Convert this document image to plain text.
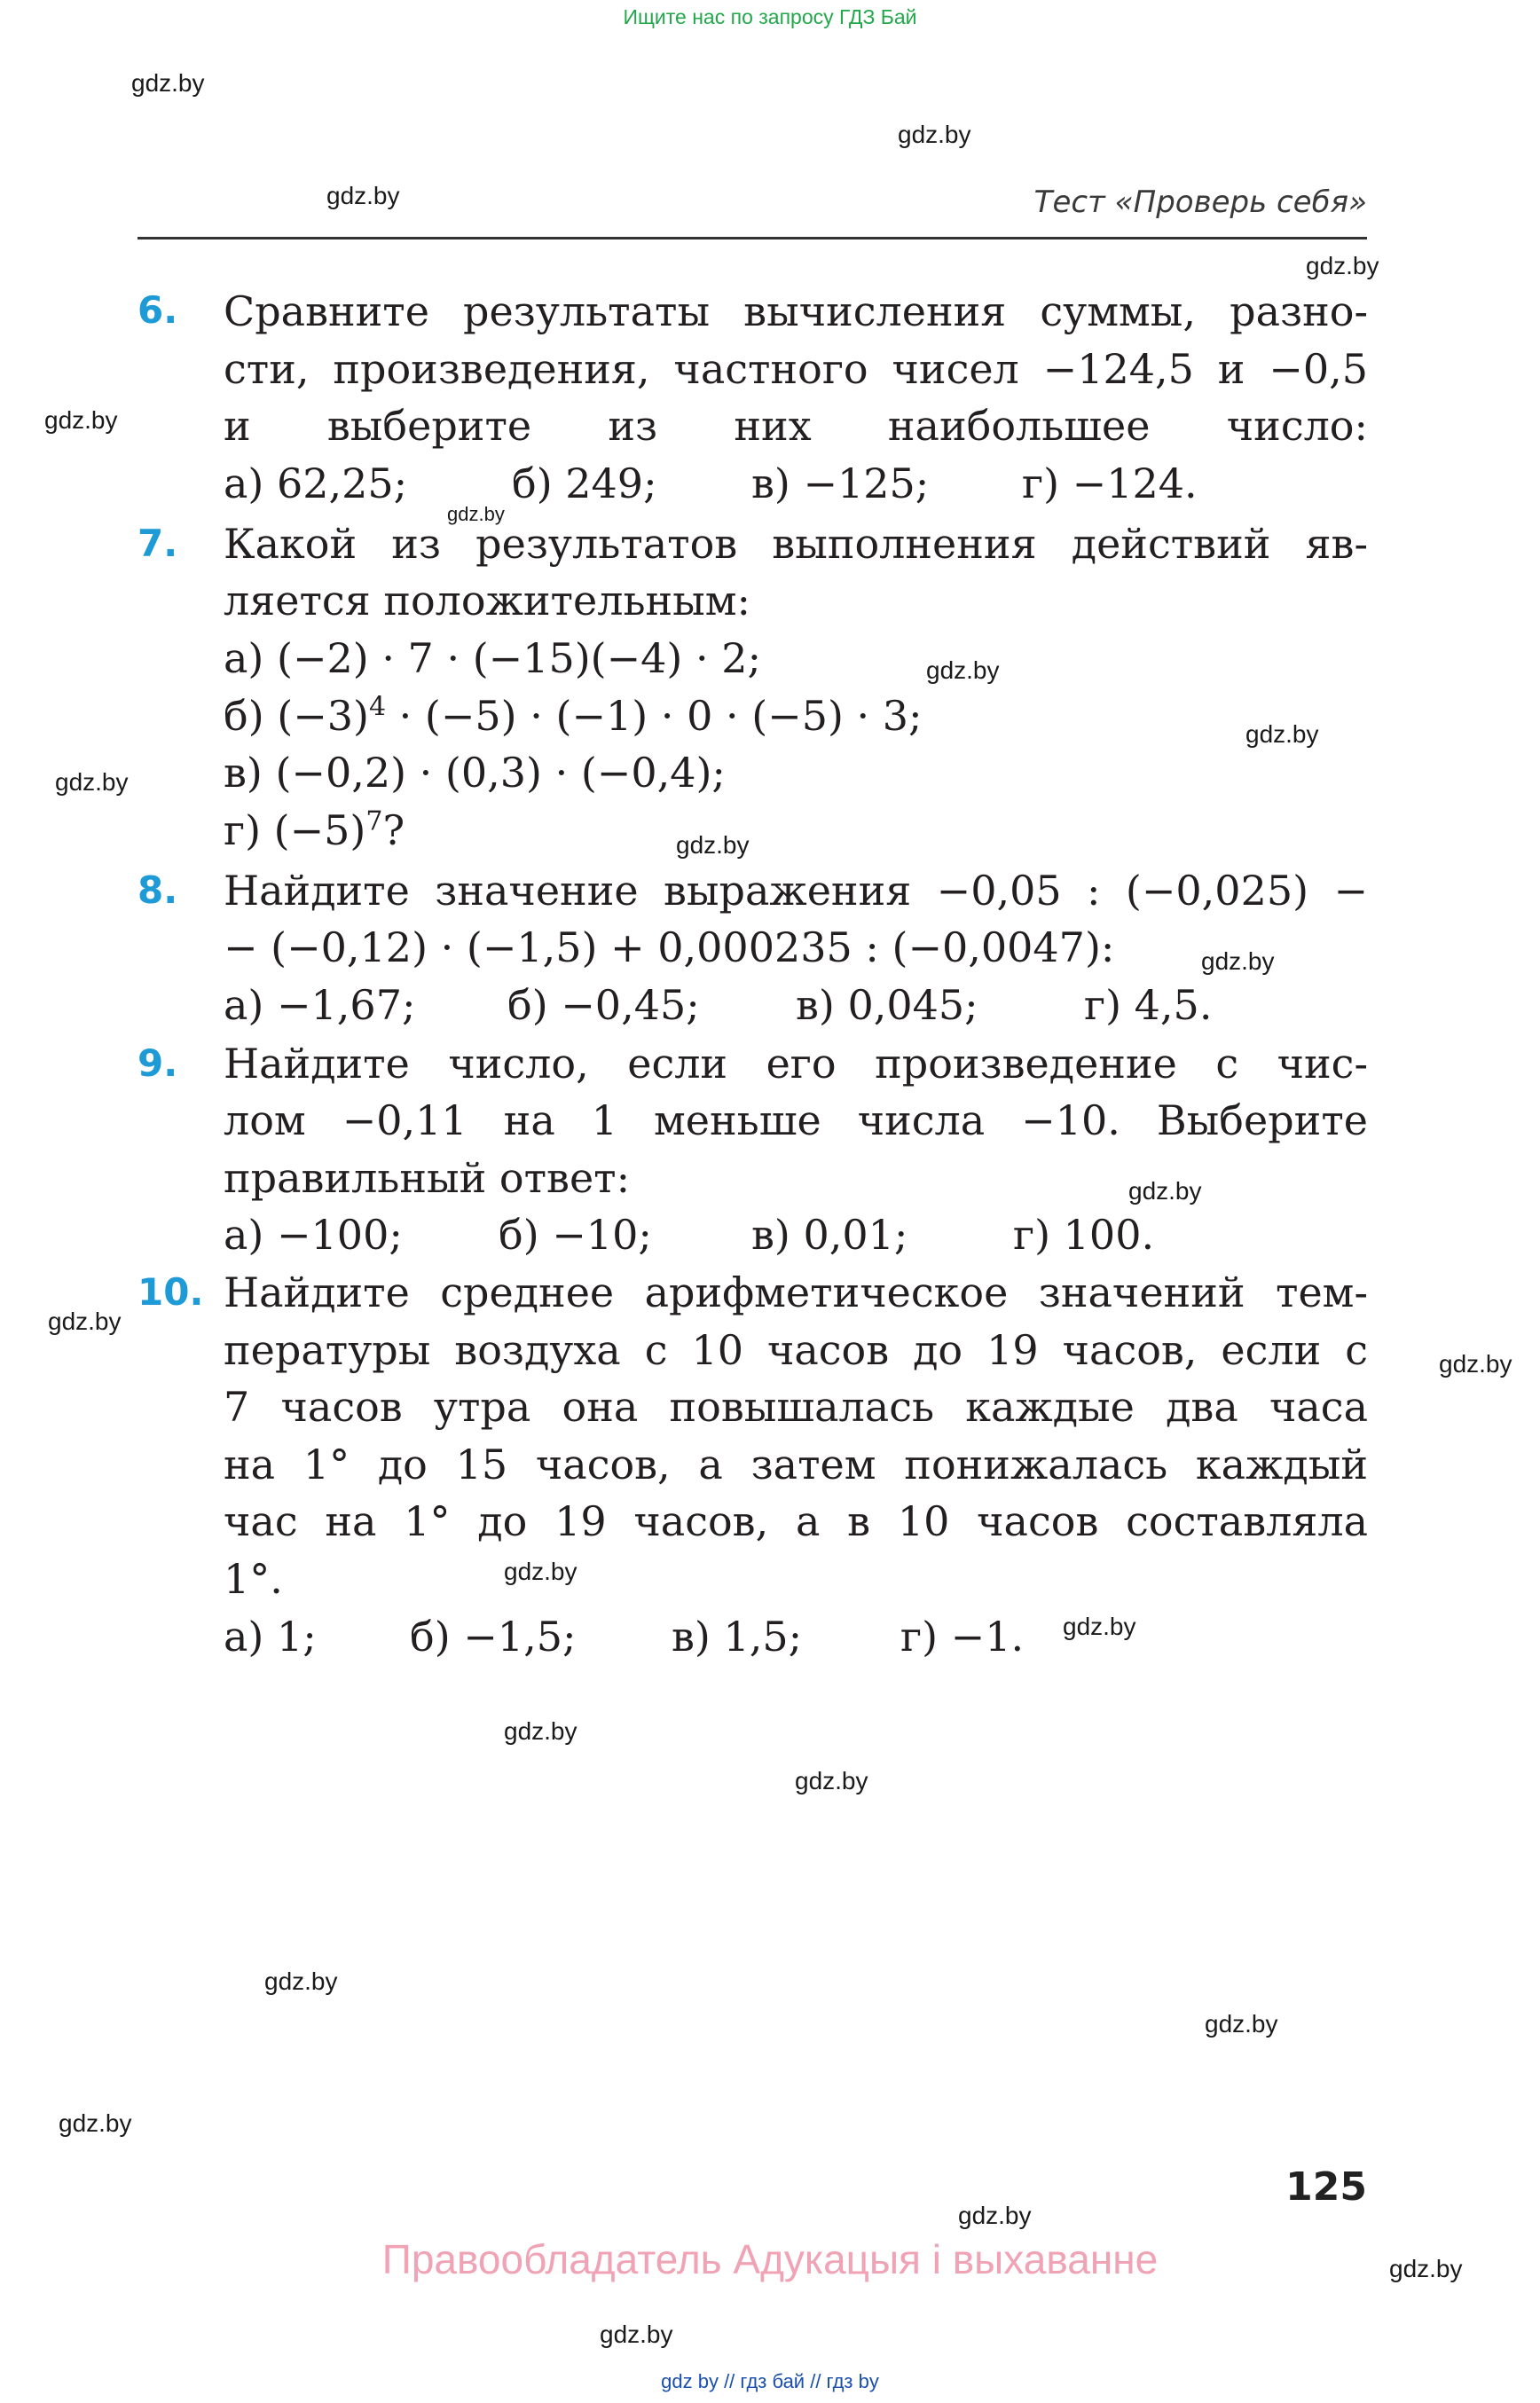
Ищите нас по запросу ГДЗ Бай
Тест «Проверь себя»
gdz.by
gdz.by
gdz.by
gdz.by
gdz.by
gdz.by
gdz.by
gdz.by
gdz.by
gdz.by
gdz.by
gdz.by
gdz.by
gdz.by
gdz.by
gdz.by
gdz.by
gdz.by
gdz.by
gdz.by
gdz.by
gdz.by
gdz.by
gdz.by
6. Сравните результаты вычисления суммы, разно-
сти, произведения, частного чисел −124,5 и −0,5
и выберите из них наибольшее число:
а) 62,25;	б) 249; в) −125; г) −124.
7. Какой из результатов выполнения действий яв-
ляется положительным:
а) (−2) · 7 · (−15)(−4) · 2;
б) $(-3)^4 \cdot (-5) \cdot (-1) \cdot 0 \cdot (-5) \cdot 3$;
в) (−0,2) · (0,3) · (−0,4);
г) $(-5)^7$?
8. Найдите значение выражения −0,05 : (−0,025) −
− (−0,12) · (−1,5) + 0,000235 : (−0,0047):
а) −1,67; б) −0,45; в) 0,045;	г) 4,5.
9. Найдите число, если его произведение с чис-
лом −0,11 на 1 меньше числа −10. Выберите
правильный ответ:
а) −100; б) −10; в) 0,01;	г) 100.
10. Найдите среднее арифметическое значений тем-
пературы воздуха с 10 часов до 19 часов, если с
7 часов утра она повышалась каждые два часа
на 1° до 15 часов, а затем понижалась каждый
час на 1° до 19 часов, а в 10 часов составляла
1°.
а) 1; б) −1,5; в) 1,5; г) −1.
125
Правообладатель Адукацыя і выхаванне
gdz by // гдз бай // гдз by
